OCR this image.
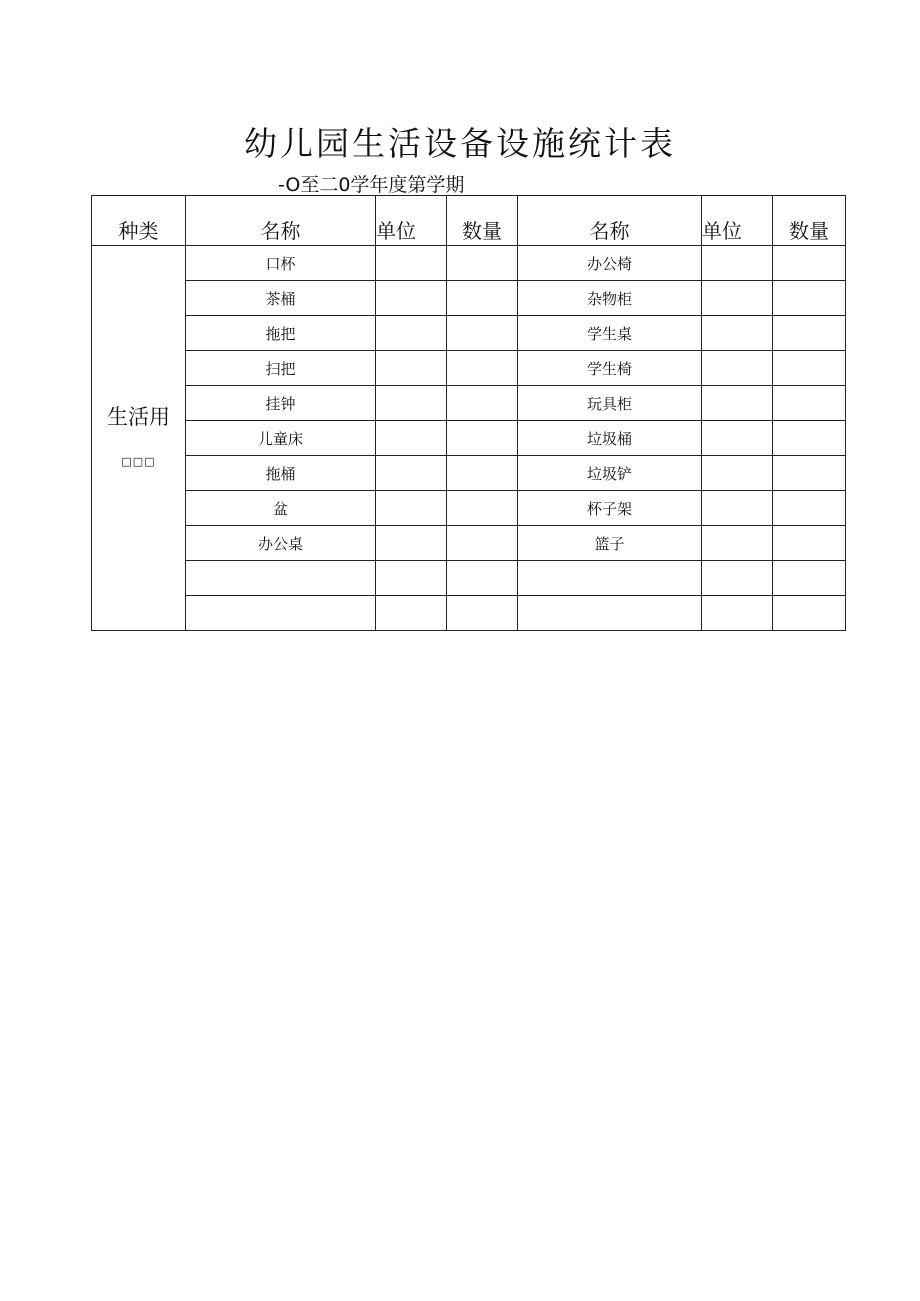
幼儿园生活设备设施统计表
-O至二0学年度第学期
种类	名称	单位	数量	名称	单位	数量

生活用
□□□	口杯			办公椅		
	茶桶			杂物柜		
	拖把			学生桌		
	扫把			学生椅		
	挂钟			玩具柜		
	儿童床			垃圾桶		
	拖桶			垃圾铲		
	盆			杯子架		
	办公桌			篮子		
